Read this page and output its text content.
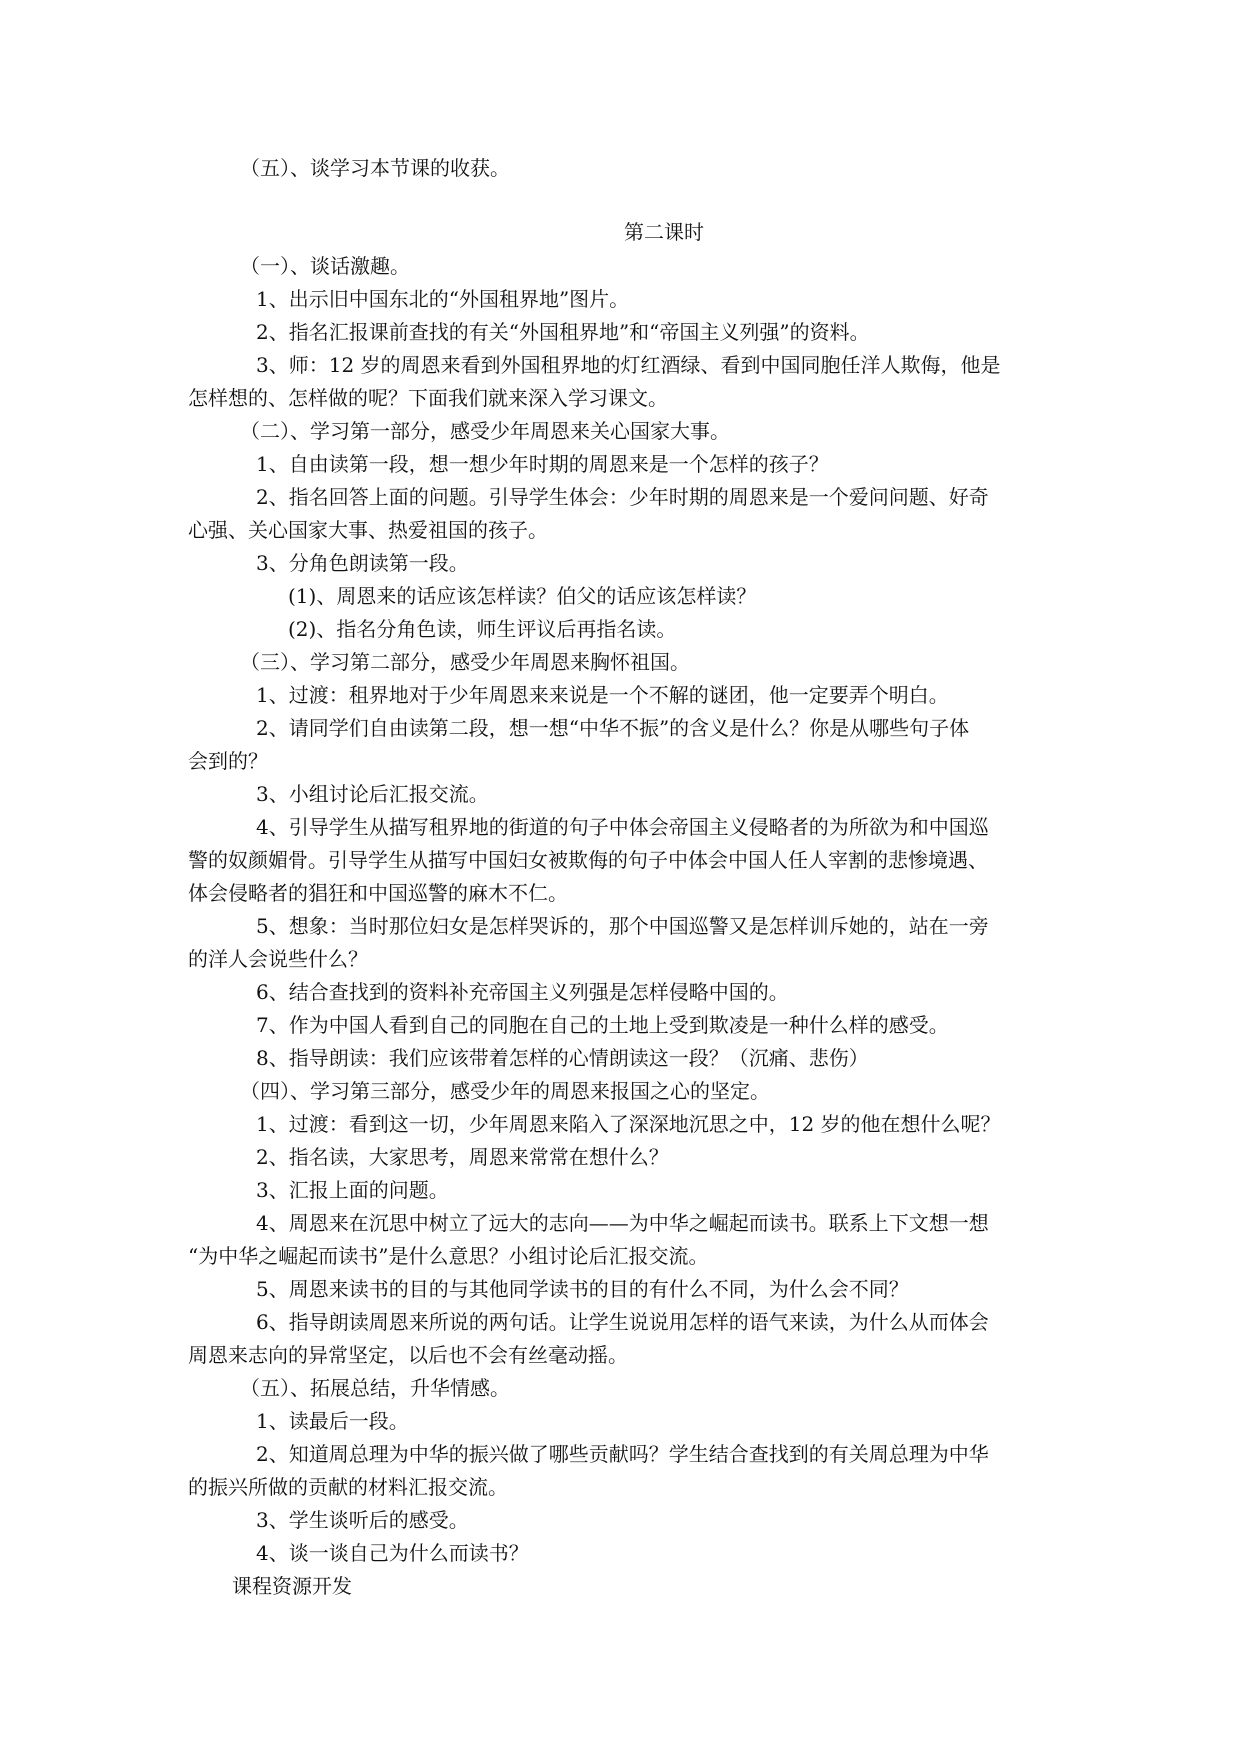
（五）、谈学习本节课的收获。
第二课时
（一）、谈话激趣。
1、出示旧中国东北的“外国租界地”图片。
2、指名汇报课前查找的有关“外国租界地”和“帝国主义列强”的资料。
3、师：12 岁的周恩来看到外国租界地的灯红酒绿、看到中国同胞任洋人欺侮，他是
怎样想的、怎样做的呢？下面我们就来深入学习课文。
（二）、学习第一部分，感受少年周恩来关心国家大事。
1、自由读第一段，想一想少年时期的周恩来是一个怎样的孩子？
2、指名回答上面的问题。引导学生体会：少年时期的周恩来是一个爱问问题、好奇
心强、关心国家大事、热爱祖国的孩子。
3、分角色朗读第一段。
(1)、周恩来的话应该怎样读？伯父的话应该怎样读？
(2)、指名分角色读，师生评议后再指名读。
（三）、学习第二部分，感受少年周恩来胸怀祖国。
1、过渡：租界地对于少年周恩来来说是一个不解的谜团，他一定要弄个明白。
2、请同学们自由读第二段，想一想“中华不振”的含义是什么？你是从哪些句子体
会到的？
3、小组讨论后汇报交流。
4、引导学生从描写租界地的街道的句子中体会帝国主义侵略者的为所欲为和中国巡
警的奴颜媚骨。引导学生从描写中国妇女被欺侮的句子中体会中国人任人宰割的悲惨境遇、
体会侵略者的猖狂和中国巡警的麻木不仁。
5、想象：当时那位妇女是怎样哭诉的，那个中国巡警又是怎样训斥她的，站在一旁
的洋人会说些什么？
6、结合查找到的资料补充帝国主义列强是怎样侵略中国的。
7、作为中国人看到自己的同胞在自己的土地上受到欺凌是一种什么样的感受。
8、指导朗读：我们应该带着怎样的心情朗读这一段？（沉痛、悲伤）
（四）、学习第三部分，感受少年的周恩来报国之心的坚定。
1、过渡：看到这一切，少年周恩来陷入了深深地沉思之中，12 岁的他在想什么呢？
2、指名读，大家思考，周恩来常常在想什么？
3、汇报上面的问题。
4、周恩来在沉思中树立了远大的志向——为中华之崛起而读书。联系上下文想一想
“为中华之崛起而读书”是什么意思？小组讨论后汇报交流。
5、周恩来读书的目的与其他同学读书的目的有什么不同，为什么会不同？
6、指导朗读周恩来所说的两句话。让学生说说用怎样的语气来读，为什么从而体会
周恩来志向的异常坚定，以后也不会有丝毫动摇。
（五）、拓展总结，升华情感。
1、读最后一段。
2、知道周总理为中华的振兴做了哪些贡献吗？学生结合查找到的有关周总理为中华
的振兴所做的贡献的材料汇报交流。
3、学生谈听后的感受。
4、谈一谈自己为什么而读书？
课程资源开发
